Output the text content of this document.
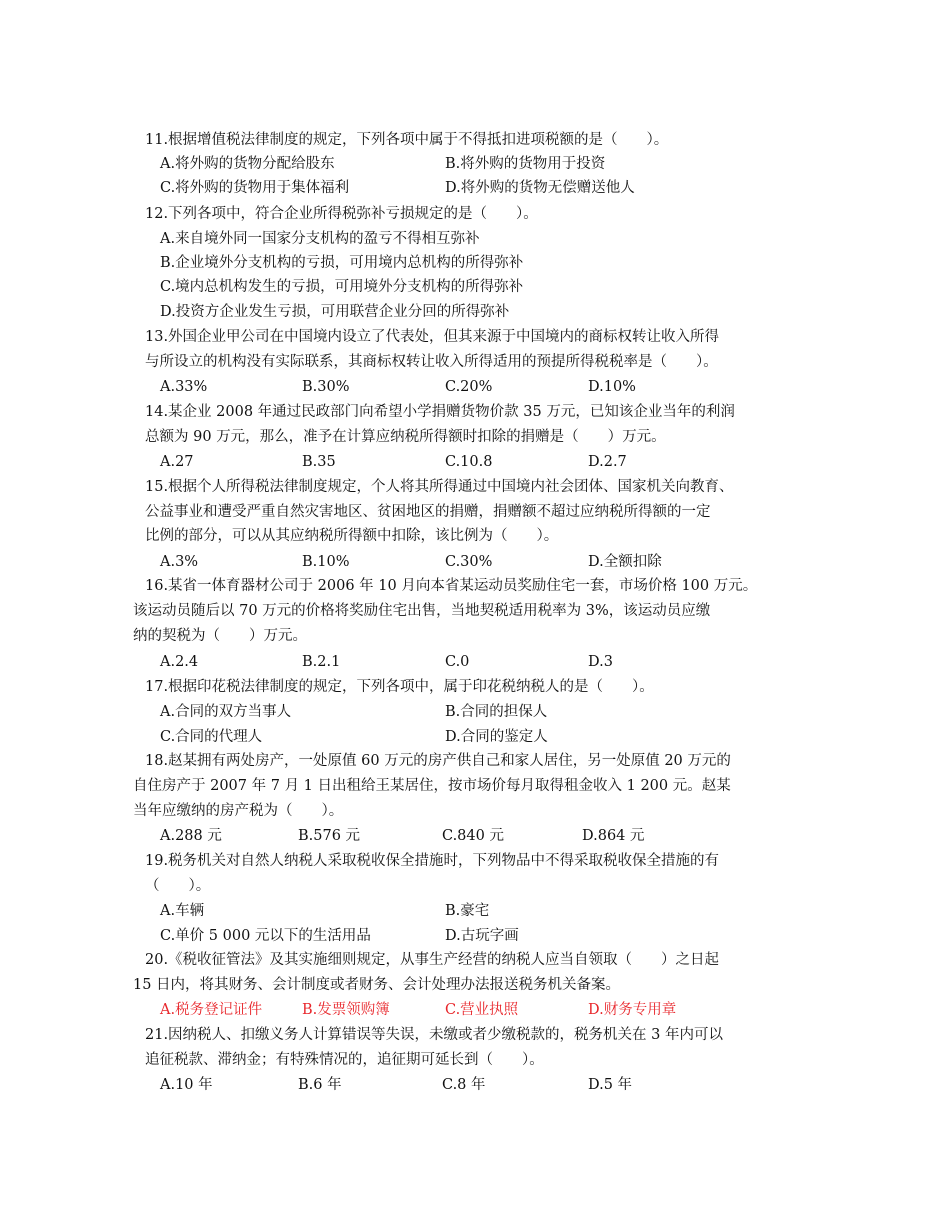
11.根据增值税法律制度的规定，下列各项中属于不得抵扣进项税额的是（　　）。
A.将外购的货物分配给股东	B.将外购的货物用于投资
C.将外购的货物用于集体福利	D.将外购的货物无偿赠送他人
12.下列各项中，符合企业所得税弥补亏损规定的是（　　）。
A.来自境外同一国家分支机构的盈亏不得相互弥补
B.企业境外分支机构的亏损，可用境内总机构的所得弥补
C.境内总机构发生的亏损，可用境外分支机构的所得弥补
D.投资方企业发生亏损，可用联营企业分回的所得弥补
13.外国企业甲公司在中国境内设立了代表处，但其来源于中国境内的商标权转让收入所得
与所设立的机构没有实际联系，其商标权转让收入所得适用的预提所得税税率是（　　）。
A.33%	B.30%	C.20%	D.10%
14.某企业 2008 年通过民政部门向希望小学捐赠货物价款 35 万元，已知该企业当年的利润
总额为 90 万元，那么，准予在计算应纳税所得额时扣除的捐赠是（　　）万元。
A.27	B.35	C.10.8	D.2.7
15.根据个人所得税法律制度规定，个人将其所得通过中国境内社会团体、国家机关向教育、
公益事业和遭受严重自然灾害地区、贫困地区的捐赠，捐赠额不超过应纳税所得额的一定
比例的部分，可以从其应纳税所得额中扣除，该比例为（　　）。
A.3%	B.10%	C.30%	D.全额扣除
16.某省一体育器材公司于 2006 年 10 月向本省某运动员奖励住宅一套，市场价格 100 万元。
该运动员随后以 70 万元的价格将奖励住宅出售，当地契税适用税率为 3%，该运动员应缴
纳的契税为（　　）万元。
A.2.4	B.2.1	C.0	D.3
17.根据印花税法律制度的规定，下列各项中，属于印花税纳税人的是（　　）。
A.合同的双方当事人	B.合同的担保人
C.合同的代理人	D.合同的鉴定人
18.赵某拥有两处房产，一处原值 60 万元的房产供自己和家人居住，另一处原值 20 万元的
自住房产于 2007 年 7 月 1 日出租给王某居住，按市场价每月取得租金收入 1 200 元。赵某
当年应缴纳的房产税为（　　）。
A.288 元	B.576 元	C.840 元	D.864 元
19.税务机关对自然人纳税人采取税收保全措施时，下列物品中不得采取税收保全措施的有
（　　）。
A.车辆	B.豪宅
C.单价 5 000 元以下的生活用品	D.古玩字画
20.《税收征管法》及其实施细则规定，从事生产经营的纳税人应当自领取（　　）之日起
15 日内，将其财务、会计制度或者财务、会计处理办法报送税务机关备案。
A.税务登记证件	B.发票领购簿	C.营业执照	D.财务专用章
21.因纳税人、扣缴义务人计算错误等失误，未缴或者少缴税款的，税务机关在 3 年内可以
追征税款、滞纳金；有特殊情况的，追征期可延长到（　　）。
A.10 年	B.6 年	C.8 年	D.5 年
